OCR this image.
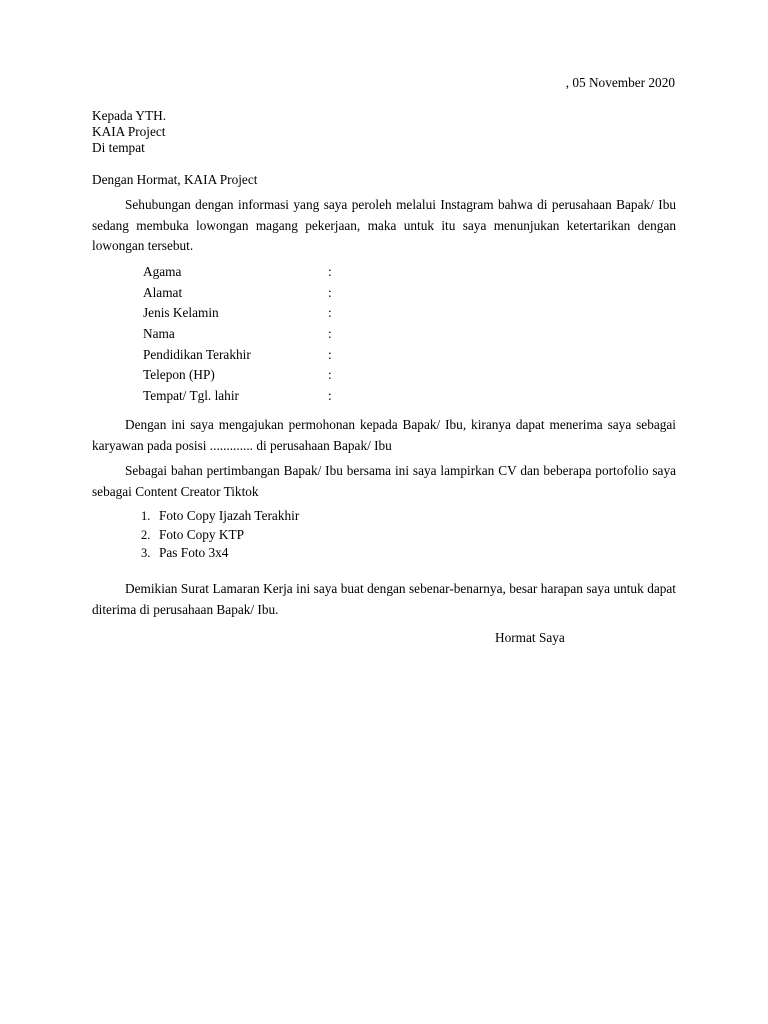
, 05 November 2020
Kepada YTH.
KAIA Project
Di tempat
Dengan Hormat, KAIA Project
Sehubungan dengan informasi yang saya peroleh melalui Instagram bahwa di perusahaan Bapak/ Ibu sedang membuka lowongan magang pekerjaan, maka untuk itu saya menunjukan ketertarikan dengan lowongan tersebut.
Agama	:
Alamat	:
Jenis Kelamin	:
Nama	:
Pendidikan Terakhir	:
Telepon (HP)	:
Tempat/ Tgl. lahir	:
Dengan ini saya mengajukan permohonan kepada Bapak/ Ibu, kiranya dapat menerima saya sebagai karyawan pada posisi ............. di perusahaan Bapak/ Ibu
Sebagai bahan pertimbangan Bapak/ Ibu bersama ini saya lampirkan CV dan beberapa portofolio saya sebagai Content Creator Tiktok
1. Foto Copy Ijazah Terakhir
2. Foto Copy KTP
3. Pas Foto 3x4
Demikian Surat Lamaran Kerja ini saya buat dengan sebenar-benarnya, besar harapan saya untuk dapat diterima di perusahaan Bapak/ Ibu.
Hormat Saya
